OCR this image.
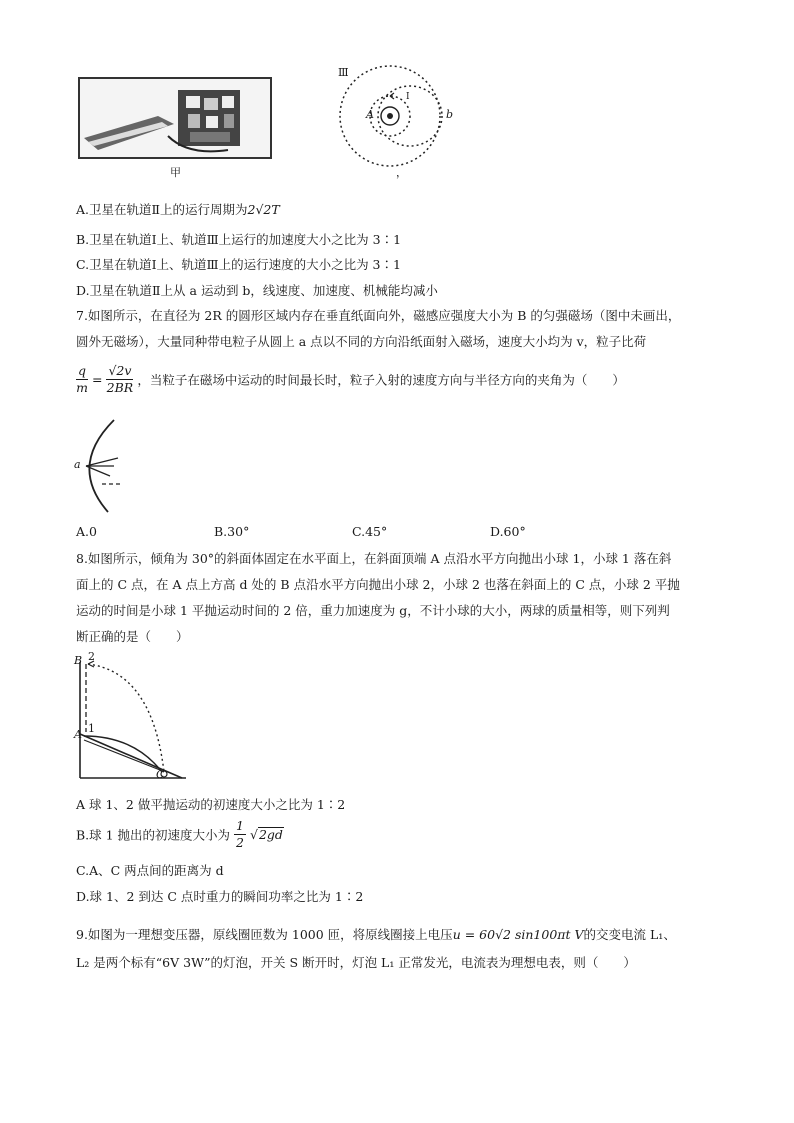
甲
Ⅲ
A	b
Ⅰ
，
A.卫星在轨道Ⅱ上的运行周期为2√2T
B.卫星在轨道Ⅰ上、轨道Ⅲ上运行的加速度大小之比为 3∶1
C.卫星在轨道Ⅰ上、轨道Ⅲ上的运行速度的大小之比为 3∶1
D.卫星在轨道Ⅱ上从 a 运动到 b，线速度、加速度、机械能均减小
7.如图所示，在直径为 2R 的圆形区域内存在垂直纸面向外，磁感应强度大小为 B 的匀强磁场（图中未画出，
圆外无磁场），大量同种带电粒子从圆上 a 点以不同的方向沿纸面射入磁场，速度大小均为 v，粒子比荷
$\frac{q}{m} = \frac{√2v}{2BR}$ ，当粒子在磁场中运动的时间最长时，粒子入射的速度方向与半径方向的夹角为（　　）
a
A.0	B.30°	C.45°	D.60°
8.如图所示，倾角为 30°的斜面体固定在水平面上，在斜面顶端 A 点沿水平方向抛出小球 1，小球 1 落在斜
面上的 C 点，在 A 点上方高 d 处的 B 点沿水平方向抛出小球 2，小球 2 也落在斜面上的 C 点，小球 2 平抛
运动的时间是小球 1 平抛运动时间的 2 倍，重力加速度为 g，不计小球的大小，两球的质量相等，则下列判
断正确的是（　　）
B 2
A 1
C
A 球 1、2 做平抛运动的初速度大小之比为 1∶2
B.球 1 抛出的初速度大小为 $\frac{1}{2} √2gd$
C.A、C 两点间的距离为 d
D.球 1、2 到达 C 点时重力的瞬间功率之比为 1∶2
9.如图为一理想变压器，原线圈匝数为 1000 匝，将原线圈接上电压u = 60√2 sin100πt V的交变电流 L₁、
L₂ 是两个标有“6V 3W”的灯泡，开关 S 断开时，灯泡 L₁ 正常发光，电流表为理想电表，则（　　）
